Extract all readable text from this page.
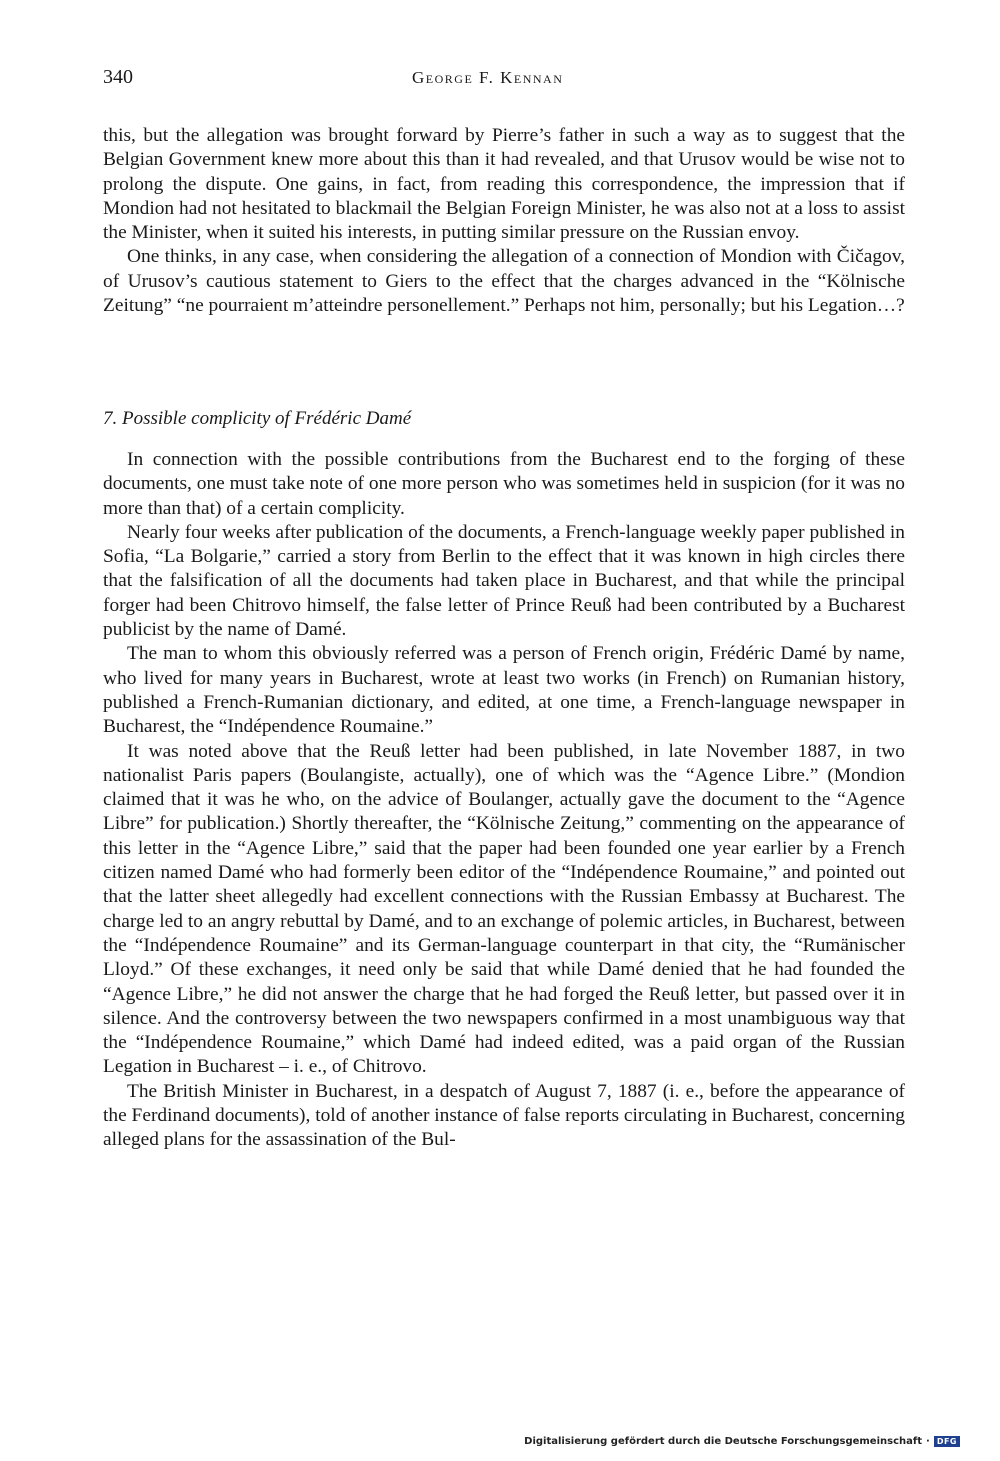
340	George F. Kennan

this, but the allegation was brought forward by Pierre’s father in such a way as to suggest that the Belgian Government knew more about this than it had revealed, and that Urusov would be wise not to prolong the dispute. One gains, in fact, from reading this correspondence, the impression that if Mondion had not hesitated to blackmail the Belgian Foreign Minister, he was also not at a loss to assist the Minister, when it suited his interests, in putting similar pressure on the Russian envoy.

One thinks, in any case, when considering the allegation of a connection of Mondion with Čičagov, of Urusov’s cautious statement to Giers to the effect that the charges advanced in the “Kölnische Zeitung” “ne pourraient m’atteindre personellement.” Perhaps not him, personally; but his Legation…?

7. Possible complicity of Frédéric Damé

In connection with the possible contributions from the Bucharest end to the forging of these documents, one must take note of one more person who was sometimes held in suspicion (for it was no more than that) of a certain complicity.

Nearly four weeks after publication of the documents, a French-language weekly paper published in Sofia, “La Bolgarie,” carried a story from Berlin to the effect that it was known in high circles there that the falsification of all the documents had taken place in Bucharest, and that while the principal forger had been Chitrovo himself, the false letter of Prince Reuß had been contributed by a Bucharest publicist by the name of Damé.

The man to whom this obviously referred was a person of French origin, Frédéric Damé by name, who lived for many years in Bucharest, wrote at least two works (in French) on Rumanian history, published a French-Rumanian dictionary, and edited, at one time, a French-language newspaper in Bucharest, the “Indépendence Roumaine.”

It was noted above that the Reuß letter had been published, in late November 1887, in two nationalist Paris papers (Boulangiste, actually), one of which was the “Agence Libre.” (Mondion claimed that it was he who, on the advice of Boulanger, actually gave the document to the “Agence Libre” for publication.) Shortly thereafter, the “Kölnische Zeitung,” commenting on the appearance of this letter in the “Agence Libre,” said that the paper had been founded one year earlier by a French citizen named Damé who had formerly been editor of the “Indépendence Roumaine,” and pointed out that the latter sheet allegedly had excellent connections with the Russian Embassy at Bucharest. The charge led to an angry rebuttal by Damé, and to an exchange of polemic articles, in Bucharest, between the “Indépendence Roumaine” and its German-language counterpart in that city, the “Rumänischer Lloyd.” Of these exchanges, it need only be said that while Damé denied that he had founded the “Agence Libre,” he did not answer the charge that he had forged the Reuß letter, but passed over it in silence. And the controversy between the two newspapers confirmed in a most unambiguous way that the “Indépendence Roumaine,” which Damé had indeed edited, was a paid organ of the Russian Legation in Bucharest – i. e., of Chitrovo.

The British Minister in Bucharest, in a despatch of August 7, 1887 (i. e., before the appearance of the Ferdinand documents), told of another instance of false reports circulating in Bucharest, concerning alleged plans for the assassination of the Bul-

Digitalisierung gefördert durch die Deutsche Forschungsgemeinschaft · DFG
